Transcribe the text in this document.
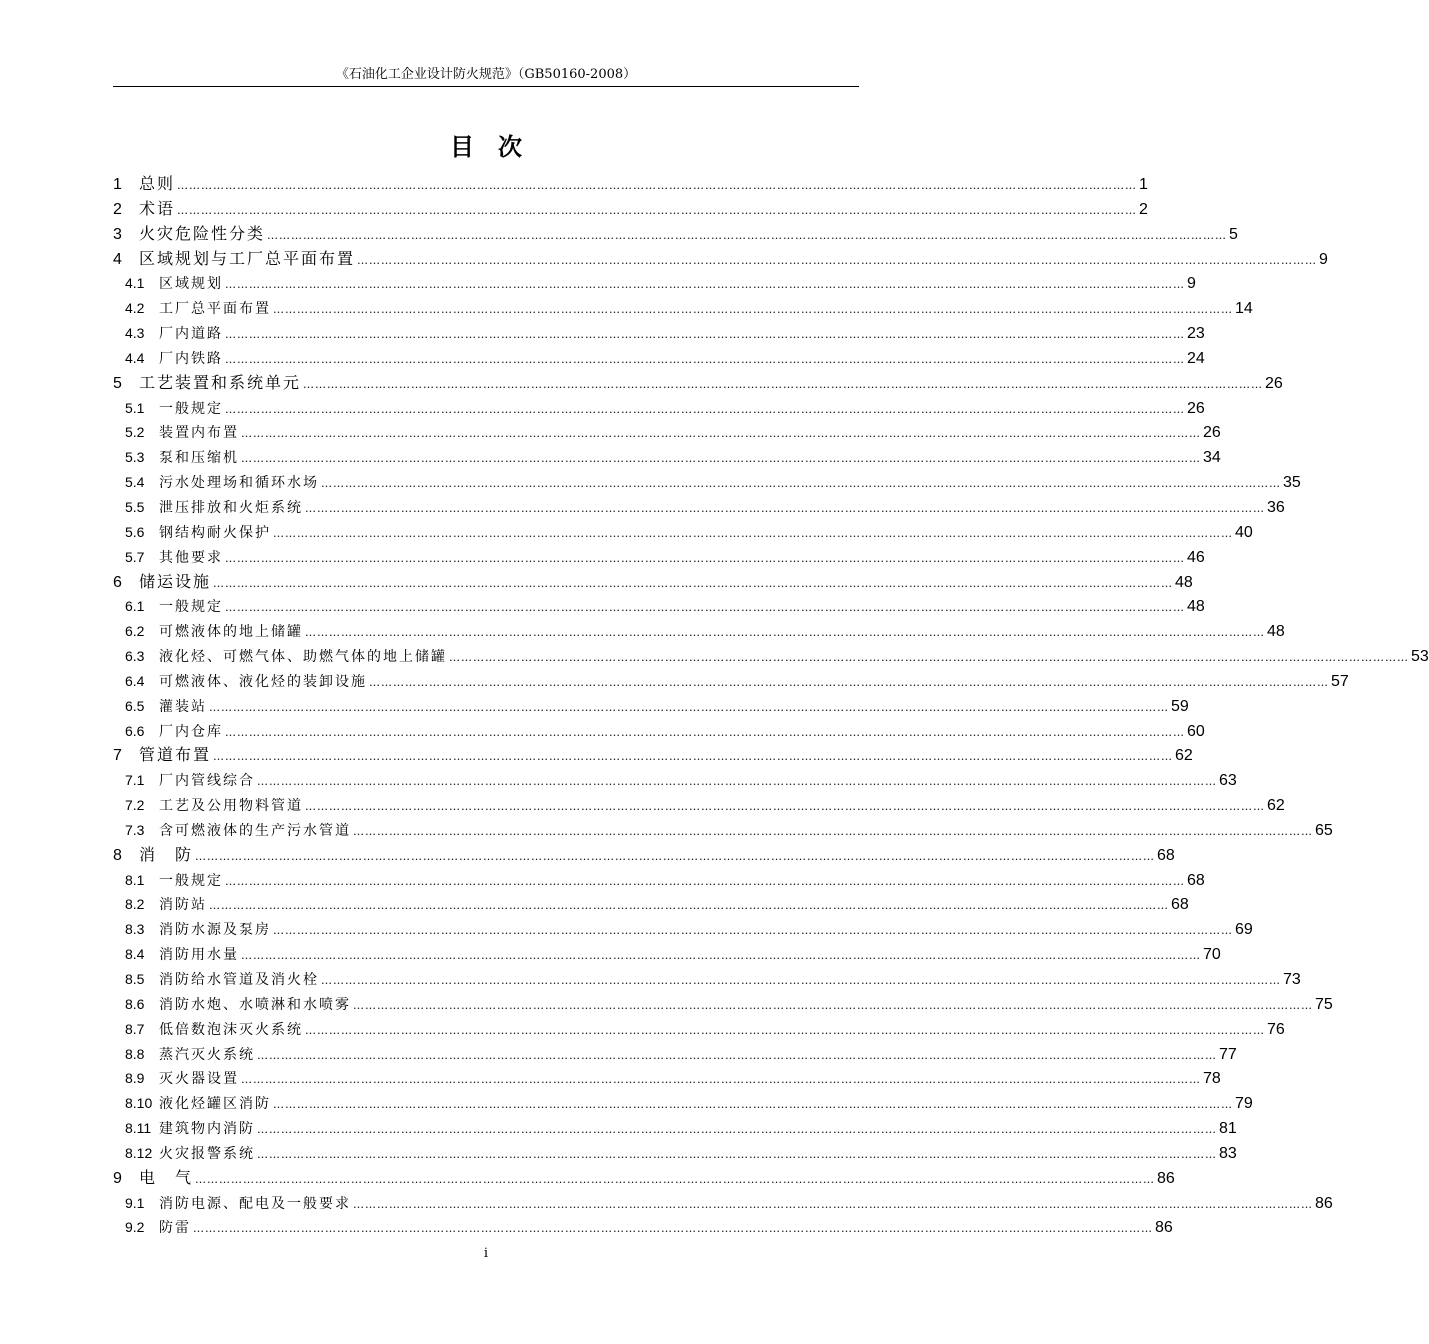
《石油化工企业设计防火规范》（GB50160-2008）
目 次
1	总则 …………………………………………………………………………………………………………………………………………………………………………………………………………………… 1
2	术语 …………………………………………………………………………………………………………………………………………………………………………………………………………………… 2
3	火灾危险性分类 …………………………………………………………………………………………………………………………………………………………………………………………………………………… 5
4	区域规划与工厂总平面布置 …………………………………………………………………………………………………………………………………………………………………………………………………………………… 9
4.1	区域规划 …………………………………………………………………………………………………………………………………………………………………………………………………………………… 9
4.2	工厂总平面布置 …………………………………………………………………………………………………………………………………………………………………………………………………………………… 14
4.3	厂内道路 …………………………………………………………………………………………………………………………………………………………………………………………………………………… 23
4.4	厂内铁路 …………………………………………………………………………………………………………………………………………………………………………………………………………………… 24
5	工艺装置和系统单元 …………………………………………………………………………………………………………………………………………………………………………………………………………………… 26
5.1	一般规定 …………………………………………………………………………………………………………………………………………………………………………………………………………………… 26
5.2	装置内布置 …………………………………………………………………………………………………………………………………………………………………………………………………………………… 26
5.3	泵和压缩机 …………………………………………………………………………………………………………………………………………………………………………………………………………………… 34
5.4	污水处理场和循环水场 …………………………………………………………………………………………………………………………………………………………………………………………………………………… 35
5.5	泄压排放和火炬系统 …………………………………………………………………………………………………………………………………………………………………………………………………………………… 36
5.6	钢结构耐火保护 …………………………………………………………………………………………………………………………………………………………………………………………………………………… 40
5.7	其他要求 …………………………………………………………………………………………………………………………………………………………………………………………………………………… 46
6	储运设施 …………………………………………………………………………………………………………………………………………………………………………………………………………………… 48
6.1	一般规定 …………………………………………………………………………………………………………………………………………………………………………………………………………………… 48
6.2	可燃液体的地上储罐 …………………………………………………………………………………………………………………………………………………………………………………………………………………… 48
6.3	液化烃、可燃气体、助燃气体的地上储罐 …………………………………………………………………………………………………………………………………………………………………………………………………………………… 53
6.4	可燃液体、液化烃的装卸设施 …………………………………………………………………………………………………………………………………………………………………………………………………………………… 57
6.5	灌装站 …………………………………………………………………………………………………………………………………………………………………………………………………………………… 59
6.6	厂内仓库 …………………………………………………………………………………………………………………………………………………………………………………………………………………… 60
7	管道布置 …………………………………………………………………………………………………………………………………………………………………………………………………………………… 62
7.1	厂内管线综合 …………………………………………………………………………………………………………………………………………………………………………………………………………………… 63
7.2	工艺及公用物料管道 …………………………………………………………………………………………………………………………………………………………………………………………………………………… 62
7.3	含可燃液体的生产污水管道 …………………………………………………………………………………………………………………………………………………………………………………………………………………… 65
8	消　防 …………………………………………………………………………………………………………………………………………………………………………………………………………………… 68
8.1	一般规定 …………………………………………………………………………………………………………………………………………………………………………………………………………………… 68
8.2	消防站 …………………………………………………………………………………………………………………………………………………………………………………………………………………… 68
8.3	消防水源及泵房 …………………………………………………………………………………………………………………………………………………………………………………………………………………… 69
8.4	消防用水量 …………………………………………………………………………………………………………………………………………………………………………………………………………………… 70
8.5	消防给水管道及消火栓 …………………………………………………………………………………………………………………………………………………………………………………………………………………… 73
8.6	消防水炮、水喷淋和水喷雾 …………………………………………………………………………………………………………………………………………………………………………………………………………………… 75
8.7	低倍数泡沫灭火系统 …………………………………………………………………………………………………………………………………………………………………………………………………………………… 76
8.8	蒸汽灭火系统 …………………………………………………………………………………………………………………………………………………………………………………………………………………… 77
8.9	灭火器设置 …………………………………………………………………………………………………………………………………………………………………………………………………………………… 78
8.10 液化烃罐区消防 …………………………………………………………………………………………………………………………………………………………………………………………………………………… 79
8.11 建筑物内消防 …………………………………………………………………………………………………………………………………………………………………………………………………………………… 81
8.12 火灾报警系统 …………………………………………………………………………………………………………………………………………………………………………………………………………………… 83
9	电　气 …………………………………………………………………………………………………………………………………………………………………………………………………………………… 86
9.1	消防电源、配电及一般要求 …………………………………………………………………………………………………………………………………………………………………………………………………………………… 86
9.2	防雷 …………………………………………………………………………………………………………………………………………………………………………………………………………………… 86
i
